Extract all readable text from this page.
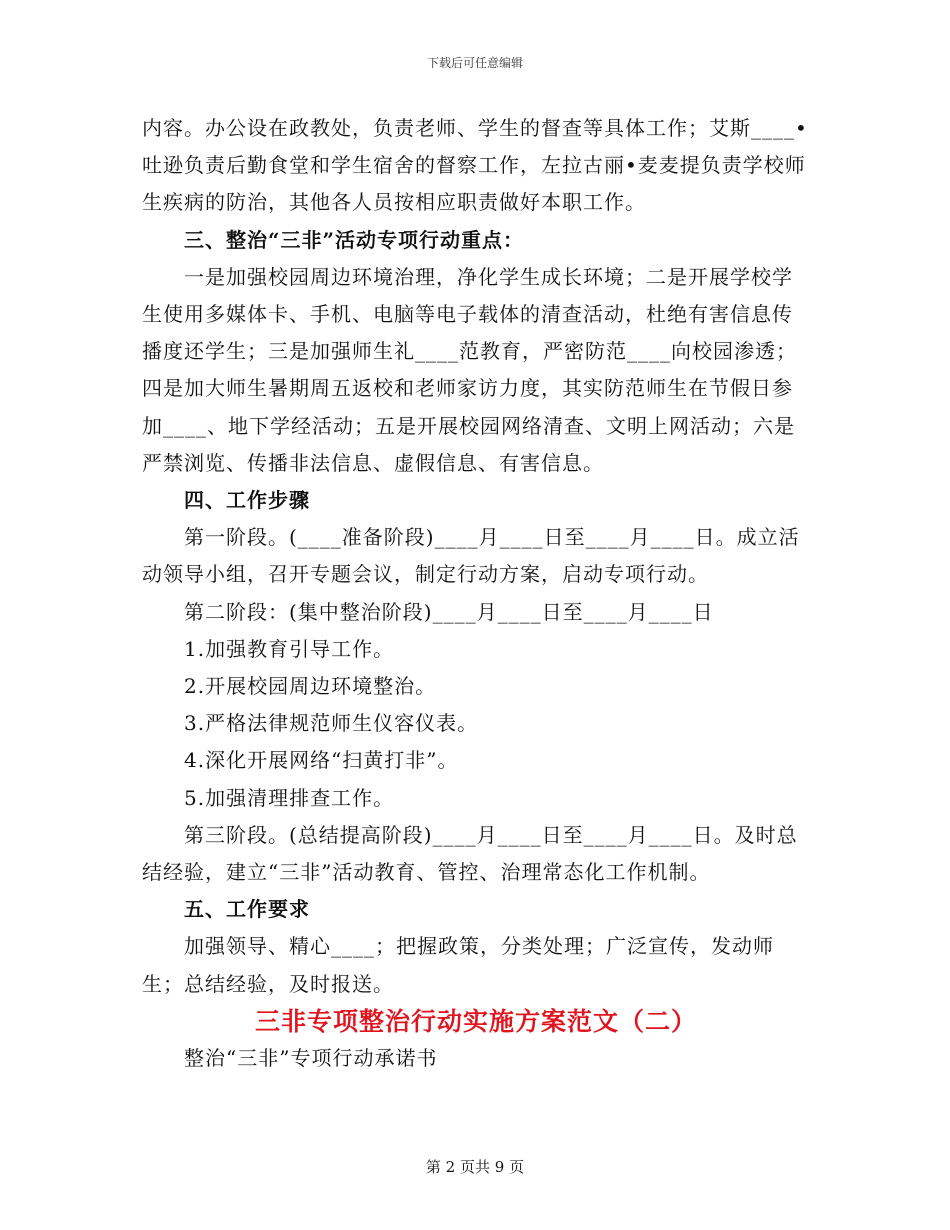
下载后可任意编辑

内容。办公设在政教处，负责老师、学生的督查等具体工作；艾斯____•吐逊负责后勤食堂和学生宿舍的督察工作，左拉古丽•麦麦提负责学校师生疾病的防治，其他各人员按相应职责做好本职工作。

三、整治“三非”活动专项行动重点：

一是加强校园周边环境治理，净化学生成长环境；二是开展学校学生使用多媒体卡、手机、电脑等电子载体的清查活动，杜绝有害信息传播度还学生；三是加强师生礼____范教育，严密防范____向校园渗透；四是加大师生暑期周五返校和老师家访力度，其实防范师生在节假日参加____、地下学经活动；五是开展校园网络清查、文明上网活动；六是严禁浏览、传播非法信息、虚假信息、有害信息。

四、工作步骤

第一阶段。(____准备阶段)____月____日至____月____日。成立活动领导小组，召开专题会议，制定行动方案，启动专项行动。

第二阶段：(集中整治阶段)____月____日至____月____日

1.加强教育引导工作。

2.开展校园周边环境整治。

3.严格法律规范师生仪容仪表。

4.深化开展网络“扫黄打非”。

5.加强清理排查工作。

第三阶段。(总结提高阶段)____月____日至____月____日。及时总结经验，建立“三非”活动教育、管控、治理常态化工作机制。

五、工作要求

加强领导、精心____；把握政策，分类处理；广泛宣传，发动师生；总结经验，及时报送。

三非专项整治行动实施方案范文（二）

整治“三非”专项行动承诺书

第 2 页共 9 页
